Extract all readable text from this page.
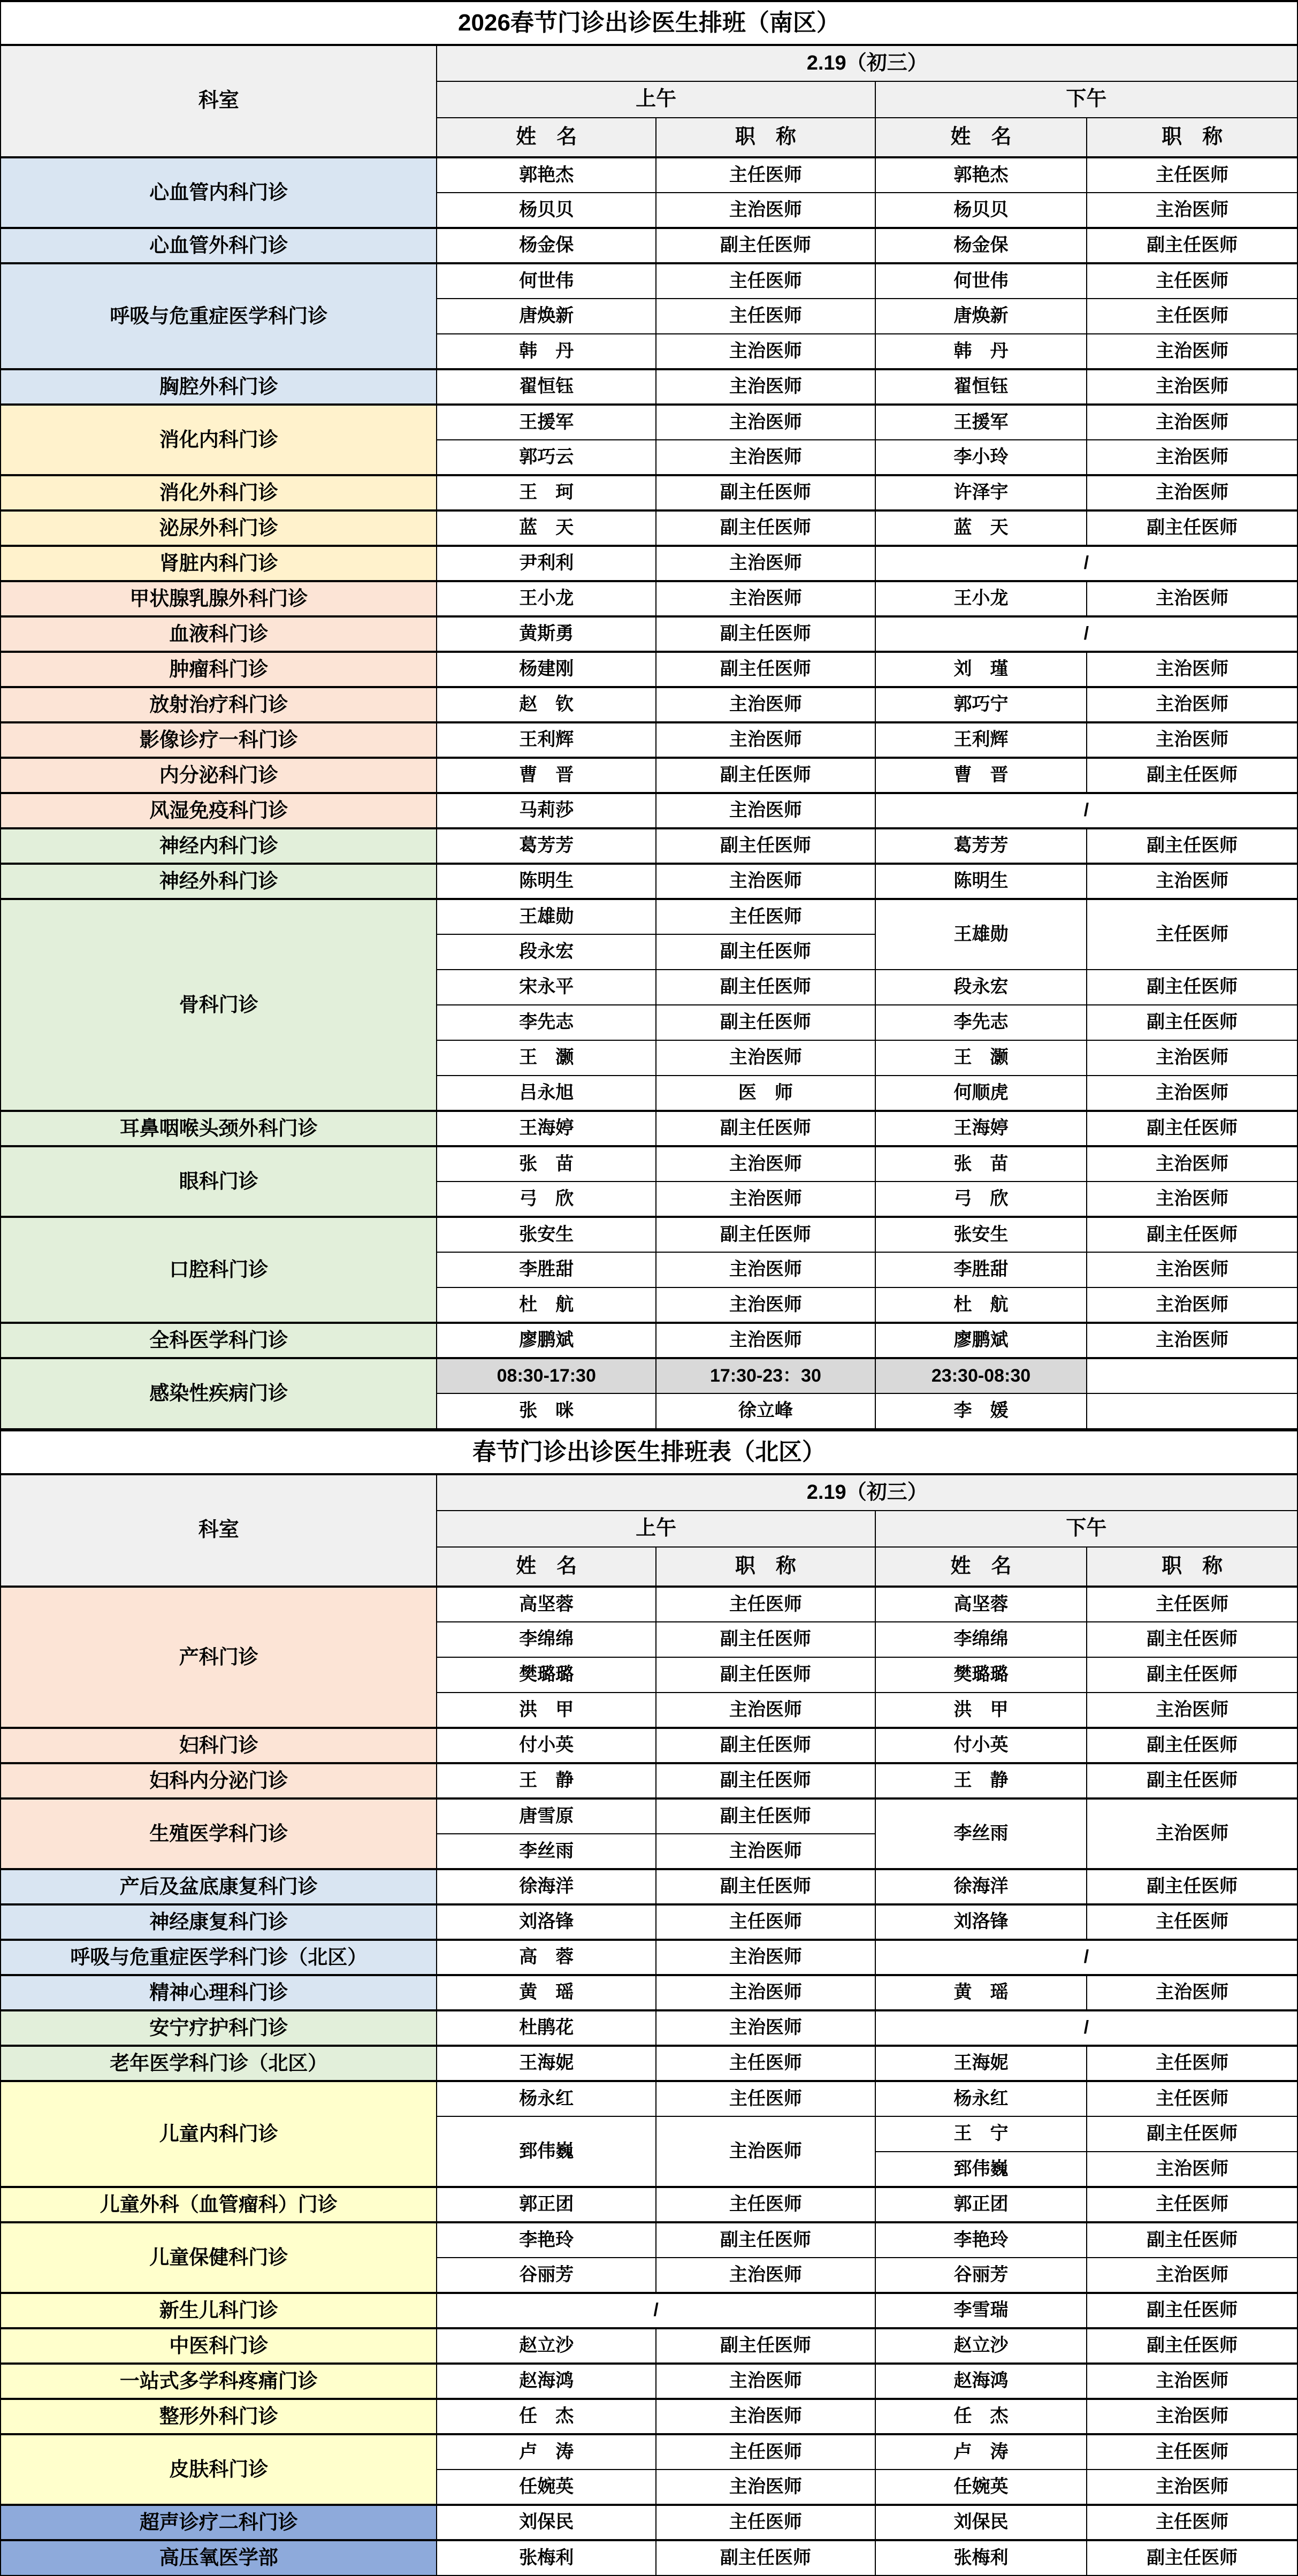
2026春节门诊出诊医生排班（南区）				
科室	2.19（初三）			
	上午		下午	
	姓　名	职　称	姓　名	职　称
心血管内科门诊	郭艳杰	主任医师	郭艳杰	主任医师
	杨贝贝	主治医师	杨贝贝	主治医师
心血管外科门诊	杨金保	副主任医师	杨金保	副主任医师
呼吸与危重症医学科门诊	何世伟	主任医师	何世伟	主任医师
	唐焕新	主任医师	唐焕新	主任医师
	韩　丹	主治医师	韩　丹	主治医师
胸腔外科门诊	翟恒钰	主治医师	翟恒钰	主治医师
消化内科门诊	王援军	主治医师	王援军	主治医师
	郭巧云	主治医师	李小玲	主治医师
消化外科门诊	王　珂	副主任医师	许泽宇	主治医师
泌尿外科门诊	蓝　天	副主任医师	蓝　天	副主任医师
肾脏内科门诊	尹利利	主治医师	/	
甲状腺乳腺外科门诊	王小龙	主治医师	王小龙	主治医师
血液科门诊	黄斯勇	副主任医师	/	
肿瘤科门诊	杨建刚	副主任医师	刘　瑾	主治医师
放射治疗科门诊	赵　钦	主治医师	郭巧宁	主治医师
影像诊疗一科门诊	王利辉	主治医师	王利辉	主治医师
内分泌科门诊	曹　晋	副主任医师	曹　晋	副主任医师
风湿免疫科门诊	马莉莎	主治医师	/	
神经内科门诊	葛芳芳	副主任医师	葛芳芳	副主任医师
神经外科门诊	陈明生	主治医师	陈明生	主治医师
骨科门诊	王雄勋	主任医师	王雄勋	主任医师
	段永宏	副主任医师		
	宋永平	副主任医师	段永宏	副主任医师
	李先志	副主任医师	李先志	副主任医师
	王　灏	主治医师	王　灏	主治医师
	吕永旭	医　师	何顺虎	主治医师
耳鼻咽喉头颈外科门诊	王海婷	副主任医师	王海婷	副主任医师
眼科门诊	张　苗	主治医师	张　苗	主治医师
	弓　欣	主治医师	弓　欣	主治医师
口腔科门诊	张安生	副主任医师	张安生	副主任医师
	李胜甜	主治医师	李胜甜	主治医师
	杜　航	主治医师	杜　航	主治医师
全科医学科门诊	廖鹏斌	主治医师	廖鹏斌	主治医师
感染性疾病门诊	08:30-17:30	17:30-23：30	23:30-08:30	
	张　咪	徐立峰	李　媛	
春节门诊出诊医生排班表（北区）				
科室	2.19（初三）			
	上午		下午	
	姓　名	职　称	姓　名	职　称
产科门诊	高坚蓉	主任医师	高坚蓉	主任医师
	李绵绵	副主任医师	李绵绵	副主任医师
	樊璐璐	副主任医师	樊璐璐	副主任医师
	洪　甲	主治医师	洪　甲	主治医师
妇科门诊	付小英	副主任医师	付小英	副主任医师
妇科内分泌门诊	王　静	副主任医师	王　静	副主任医师
生殖医学科门诊	唐雪原	副主任医师	李丝雨	主治医师
	李丝雨	主治医师		
产后及盆底康复科门诊	徐海洋	副主任医师	徐海洋	副主任医师
神经康复科门诊	刘洛锋	主任医师	刘洛锋	主任医师
呼吸与危重症医学科门诊（北区）	高　蓉	主治医师	/	
精神心理科门诊	黄　瑶	主治医师	黄　瑶	主治医师
安宁疗护科门诊	杜鹃花	主治医师	/	
老年医学科门诊（北区）	王海妮	主任医师	王海妮	主任医师
儿童内科门诊	杨永红	主任医师	杨永红	主任医师
	郅伟巍	主治医师	王　宁	副主任医师
			郅伟巍	主治医师
儿童外科（血管瘤科）门诊	郭正团	主任医师	郭正团	主任医师
儿童保健科门诊	李艳玲	副主任医师	李艳玲	副主任医师
	谷丽芳	主治医师	谷丽芳	主治医师
新生儿科门诊	/		李雪瑞	副主任医师
中医科门诊	赵立沙	副主任医师	赵立沙	副主任医师
一站式多学科疼痛门诊	赵海鸿	主治医师	赵海鸿	主治医师
整形外科门诊	任　杰	主治医师	任　杰	主治医师
皮肤科门诊	卢　涛	主任医师	卢　涛	主任医师
	任婉英	主治医师	任婉英	主治医师
超声诊疗二科门诊	刘保民	主任医师	刘保民	主任医师
高压氧医学部	张梅利	副主任医师	张梅利	副主任医师
